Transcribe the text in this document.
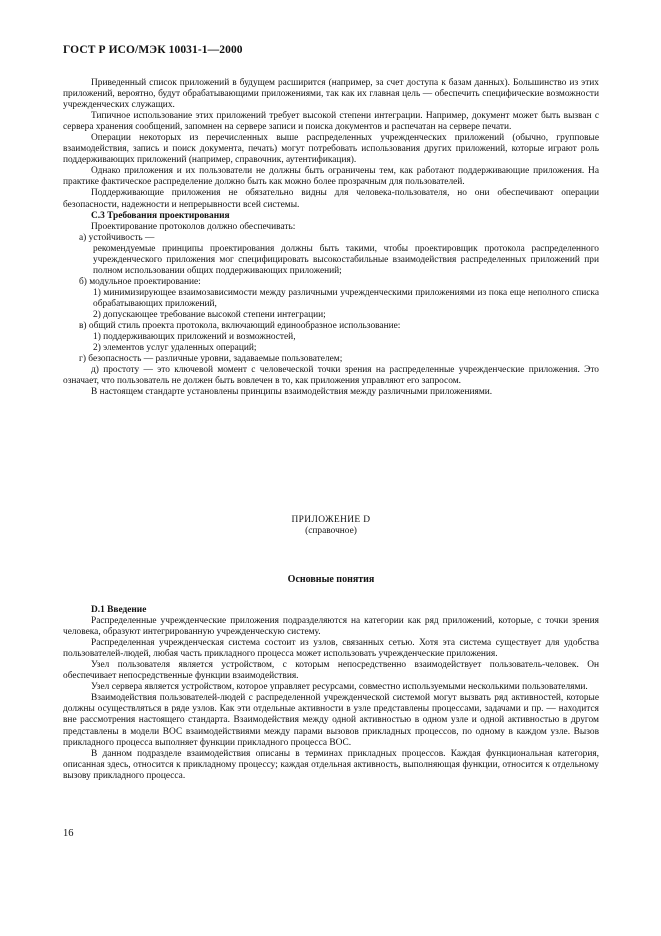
ГОСТ Р ИСО/МЭК 10031-1—2000

Приведенный список приложений в будущем расширится (например, за счет доступа к базам данных). Большинство из этих приложений, вероятно, будут обрабатывающими приложениями, так как их главная цель — обеспечить специфические возможности учрежденческих служащих.

Типичное использование этих приложений требует высокой степени интеграции. Например, документ может быть вызван с сервера хранения сообщений, запомнен на сервере записи и поиска документов и распечатан на сервере печати.

Операции некоторых из перечисленных выше распределенных учрежденческих приложений (обычно, групповые взаимодействия, запись и поиск документа, печать) могут потребовать использования других приложений, которые играют роль поддерживающих приложений (например, справочник, аутентификация).

Однако приложения и их пользователи не должны быть ограничены тем, как работают поддерживающие приложения. На практике фактическое распределение должно быть как можно более прозрачным для пользователей.

Поддерживающие приложения не обязательно видны для человека-пользователя, но они обеспечивают операции безопасности, надежности и непрерывности всей системы.

С.3 Требования проектирования

Проектирование протоколов должно обеспечивать:

а) устойчивость —

рекомендуемые принципы проектирования должны быть такими, чтобы проектировщик протокола распределенного учрежденческого приложения мог специфицировать высокостабильные взаимодействия распределенных приложений при полном использовании общих поддерживающих приложений;

б) модульное проектирование:

1) минимизирующее взаимозависимости между различными учрежденческими приложениями из пока еще неполного списка обрабатывающих приложений,

2) допускающее требование высокой степени интеграции;

в) общий стиль проекта протокола, включающий единообразное использование:

1) поддерживающих приложений и возможностей,

2) элементов услуг удаленных операций;

г) безопасность — различные уровни, задаваемые пользователем;

д) простоту — это ключевой момент с человеческой точки зрения на распределенные учрежденческие приложения. Это означает, что пользователь не должен быть вовлечен в то, как приложения управляют его запросом.

В настоящем стандарте установлены принципы взаимодействия между различными приложениями.

ПРИЛОЖЕНИЕ D
(справочное)
Основные понятия

D.1 Введение

Распределенные учрежденческие приложения подразделяются на категории как ряд приложений, которые, с точки зрения человека, образуют интегрированную учрежденческую систему.

Распределенная учрежденческая система состоит из узлов, связанных сетью. Хотя эта система существует для удобства пользователей-людей, любая часть прикладного процесса может использовать учрежденческие приложения.

Узел пользователя является устройством, с которым непосредственно взаимодействует пользователь-человек. Он обеспечивает непосредственные функции взаимодействия.

Узел сервера является устройством, которое управляет ресурсами, совместно используемыми несколькими пользователями.

Взаимодействия пользователей-людей с распределенной учрежденческой системой могут вызвать ряд активностей, которые должны осуществляться в ряде узлов. Как эти отдельные активности в узле представлены процессами, задачами и пр. — находится вне рассмотрения настоящего стандарта. Взаимодействия между одной активностью в одном узле и одной активностью в другом представлены в модели ВОС взаимодействиями между парами вызовов прикладных процессов, по одному в каждом узле. Вызов прикладного процесса выполняет функции прикладного процесса ВОС.

В данном подразделе взаимодействия описаны в терминах прикладных процессов. Каждая функциональная категория, описанная здесь, относится к прикладному процессу; каждая отдельная активность, выполняющая функции, относится к отдельному вызову прикладного процесса.

16
